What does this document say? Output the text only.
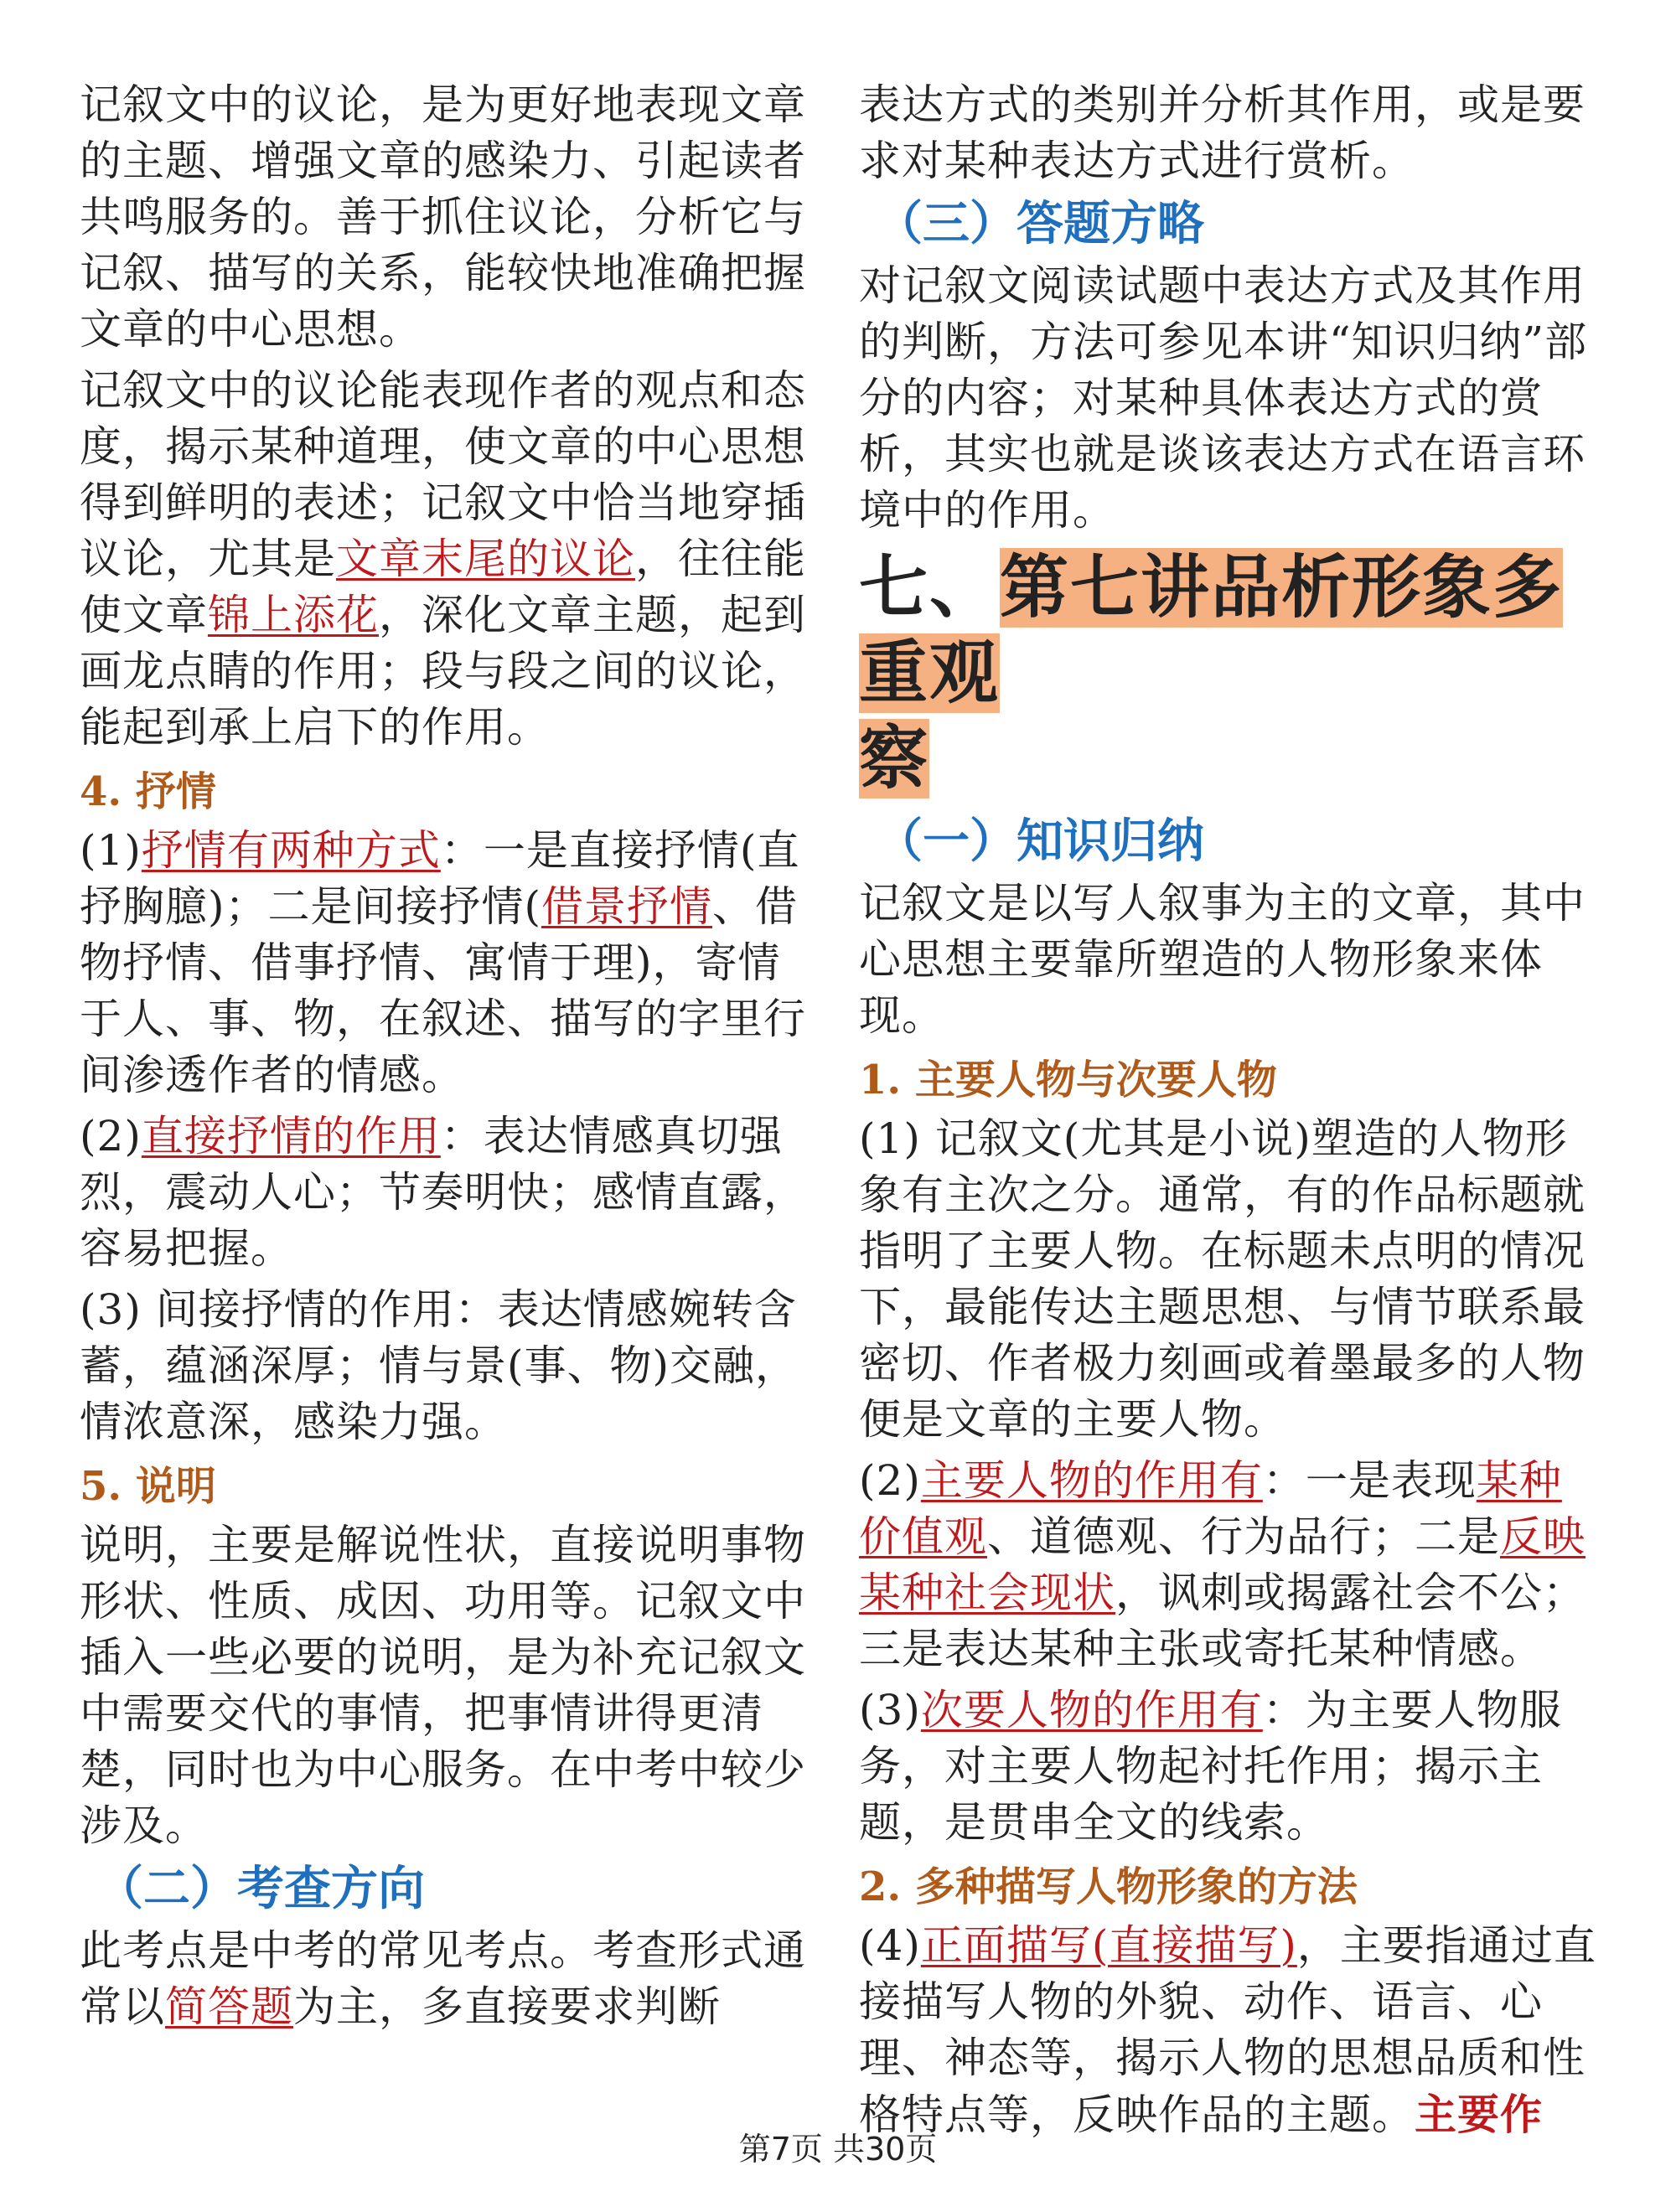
记叙文中的议论，是为更好地表现文章的主题、增强文章的感染力、引起读者共鸣服务的。善于抓住议论，分析它与记叙、描写的关系，能较快地准确把握文章的中心思想。

记叙文中的议论能表现作者的观点和态度，揭示某种道理，使文章的中心思想得到鲜明的表述；记叙文中恰当地穿插议论，尤其是文章末尾的议论，往往能使文章锦上添花，深化文章主题，起到画龙点睛的作用；段与段之间的议论，能起到承上启下的作用。

4. 抒情

(1)抒情有两种方式：一是直接抒情(直抒胸臆)；二是间接抒情(借景抒情、借物抒情、借事抒情、寓情于理)，寄情于人、事、物，在叙述、描写的字里行间渗透作者的情感。

(2)直接抒情的作用：表达情感真切强烈，震动人心；节奏明快；感情直露，容易把握。

(3) 间接抒情的作用：表达情感婉转含蓄，蕴涵深厚；情与景(事、物)交融，情浓意深，感染力强。

5. 说明

说明，主要是解说性状，直接说明事物形状、性质、成因、功用等。记叙文中插入一些必要的说明，是为补充记叙文中需要交代的事情，把事情讲得更清楚，同时也为中心服务。在中考中较少涉及。

（二）考查方向

此考点是中考的常见考点。考查形式通常以简答题为主，多直接要求判断

表达方式的类别并分析其作用，或是要求对某种表达方式进行赏析。

（三）答题方略

对记叙文阅读试题中表达方式及其作用的判断，方法可参见本讲“知识归纳”部分的内容；对某种具体表达方式的赏析，其实也就是谈该表达方式在语言环境中的作用。

七、第七讲品析形象多重观
察
（一）知识归纳

记叙文是以写人叙事为主的文章，其中心思想主要靠所塑造的人物形象来体现。

1. 主要人物与次要人物

(1) 记叙文(尤其是小说)塑造的人物形象有主次之分。通常，有的作品标题就指明了主要人物。在标题未点明的情况下，最能传达主题思想、与情节联系最密切、作者极力刻画或着墨最多的人物便是文章的主要人物。

(2)主要人物的作用有：一是表现某种价值观、道德观、行为品行；二是反映某种社会现状，讽刺或揭露社会不公；三是表达某种主张或寄托某种情感。

(3)次要人物的作用有：为主要人物服务，对主要人物起衬托作用；揭示主题，是贯串全文的线索。

2. 多种描写人物形象的方法

(4)正面描写(直接描写)，主要指通过直接描写人物的外貌、动作、语言、心理、神态等，揭示人物的思想品质和性格特点等，反映作品的主题。主要作

第7页 共30页
